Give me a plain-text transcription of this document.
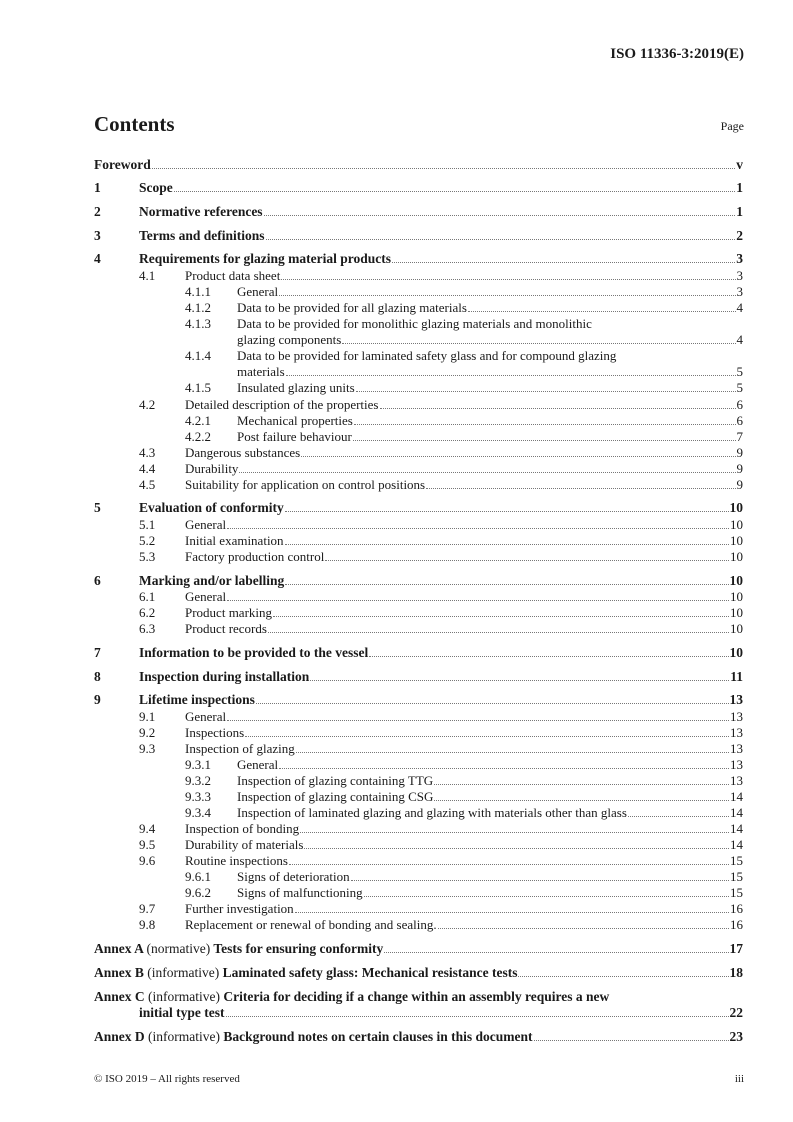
ISO 11336-3:2019(E)
Contents	Page
Foreword	v
1	Scope	1
2	Normative references	1
3	Terms and definitions	2
4	Requirements for glazing material products	3
4.1 Product data sheet	3
4.1.1 General	3
4.1.2 Data to be provided for all glazing materials	4
4.1.3 Data to be provided for monolithic glazing materials and monolithic
glazing components	4
4.1.4 Data to be provided for laminated safety glass and for compound glazing
materials	5
4.1.5 Insulated glazing units	5
4.2 Detailed description of the properties	6
4.2.1 Mechanical properties	6
4.2.2 Post failure behaviour	7
4.3 Dangerous substances	9
4.4 Durability	9
4.5 Suitability for application on control positions	9
5	Evaluation of conformity	10
5.1 General	10
5.2 Initial examination	10
5.3 Factory production control	10
6	Marking and/or labelling	10
6.1 General	10
6.2 Product marking	10
6.3 Product records	10
7	Information to be provided to the vessel	10
8	Inspection during installation	11
9	Lifetime inspections	13
9.1 General	13
9.2 Inspections	13
9.3 Inspection of glazing	13
9.3.1 General	13
9.3.2 Inspection of glazing containing TTG	13
9.3.3 Inspection of glazing containing CSG	14
9.3.4 Inspection of laminated glazing and glazing with materials other than glass	14
9.4 Inspection of bonding	14
9.5 Durability of materials	14
9.6 Routine inspections	15
9.6.1 Signs of deterioration	15
9.6.2 Signs of malfunctioning	15
9.7 Further investigation	16
9.8 Replacement or renewal of bonding and sealing.	16
Annex A (normative) Tests for ensuring conformity	17
Annex B (informative) Laminated safety glass: Mechanical resistance tests	18
Annex C (informative) Criteria for deciding if a change within an assembly requires a new
initial type test	22
Annex D (informative) Background notes on certain clauses in this document	23
© ISO 2019 – All rights reserved	iii
